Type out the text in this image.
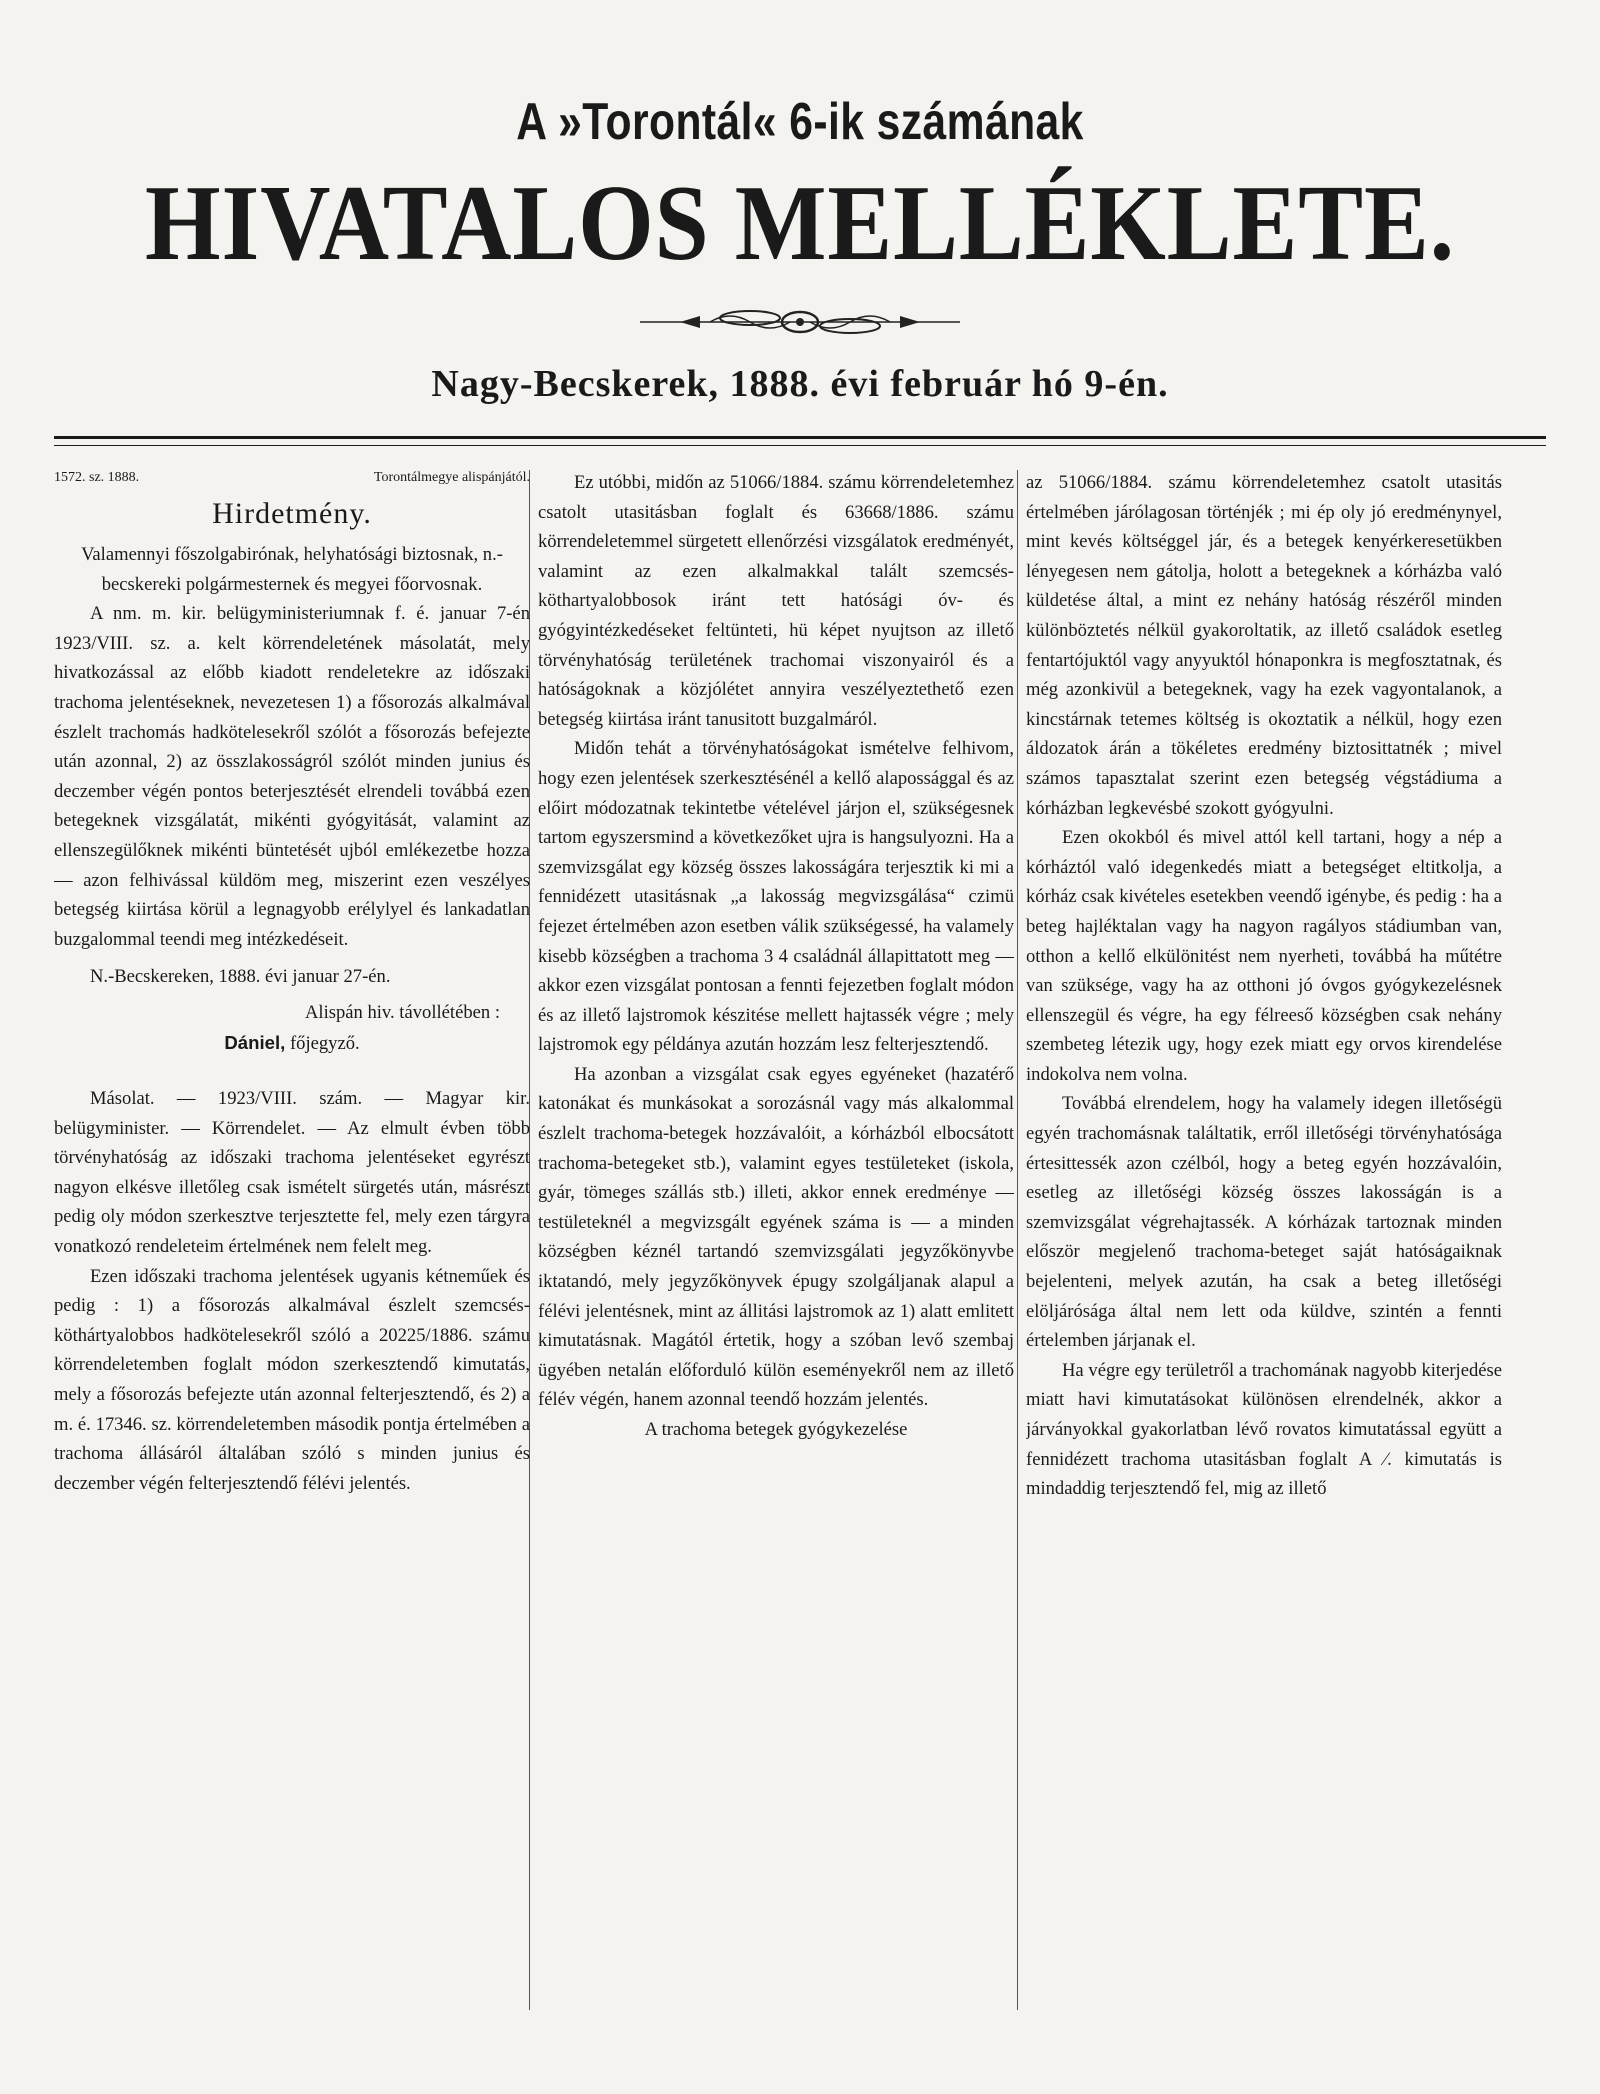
A »Torontál« 6-ik számának
HIVATALOS MELLÉKLETE.
Nagy-Becskerek, 1888. évi február hó 9-én.
1572. sz. 1888.	Torontálmegye alispánjától.
Hirdetmény.

Valamennyi főszolgabirónak, helyhatósági biztosnak, n.-becskereki polgármesternek és megyei főorvosnak.

A nm. m. kir. belügyministeriumnak f. é. januar 7-én 1923/VIII. sz. a. kelt körrendeletének másolatát, mely hivatkozással az előbb kiadott rendeletekre az időszaki trachoma jelentéseknek, nevezetesen 1) a fősorozás alkalmával észlelt trachomás hadkötelesekről szólót a fősorozás befejezte után azonnal, 2) az összlakosságról szólót minden junius és deczember végén pontos beterjesztését elrendeli továbbá ezen betegeknek vizsgálatát, mikénti gyógyitását, valamint az ellenszegülőknek mikénti büntetését ujból emlékezetbe hozza — azon felhivással küldöm meg, miszerint ezen veszélyes betegség kiirtása körül a legnagyobb erélylyel és lankadatlan buzgalommal teendi meg intézkedéseit.

N.-Becskereken, 1888. évi januar 27-én.

Alispán hiv. távollétében :

Dániel, főjegyző.

Másolat. — 1923/VIII. szám. — Magyar kir. belügyminister. — Körrendelet. — Az elmult évben több törvényhatóság az időszaki trachoma jelentéseket egyrészt nagyon elkésve illetőleg csak ismételt sürgetés után, másrészt pedig oly módon szerkesztve terjesztette fel, mely ezen tárgyra vonatkozó rendeleteim értelmének nem felelt meg.

Ezen időszaki trachoma jelentések ugyanis kétneműek és pedig : 1) a fősorozás alkalmával észlelt szemcsés-köthártyalobbos hadkötelesekről szóló a 20225/1886. számu körrendeletemben foglalt módon szerkesztendő kimutatás, mely a fősorozás befejezte után azonnal felterjesztendő, és 2) a m. é. 17346. sz. körrendeletemben második pontja értelmében a trachoma állásáról általában szóló s minden junius és deczember végén felterjesztendő félévi jelentés.

Ez utóbbi, midőn az 51066/1884. számu körrendeletemhez csatolt utasitásban foglalt és 63668/1886. számu körrendeletemmel sürgetett ellenőrzési vizsgálatok eredményét, valamint az ezen alkalmakkal talált szemcsés-köthartyalobbosok iránt tett hatósági óv- és gyógyintézkedéseket feltünteti, hü képet nyujtson az illető törvényhatóság területének trachomai viszonyairól és a hatóságoknak a közjólétet annyira veszélyeztethető ezen betegség kiirtása iránt tanusitott buzgalmáról.

Midőn tehát a törvényhatóságokat ismételve felhivom, hogy ezen jelentések szerkesztésénél a kellő alapossággal és az előirt módozatnak tekintetbe vételével járjon el, szükségesnek tartom egyszersmind a következőket ujra is hangsulyozni. Ha a szemvizsgálat egy község összes lakosságára terjesztik ki mi a fennidézett utasitásnak „a lakosság megvizsgálása“ czimü fejezet értelmében azon esetben válik szükségessé, ha valamely kisebb községben a trachoma 3 4 családnál állapittatott meg — akkor ezen vizsgálat pontosan a fennti fejezetben foglalt módon és az illető lajstromok készitése mellett hajtassék végre ; mely lajstromok egy példánya azután hozzám lesz felterjesztendő.

Ha azonban a vizsgálat csak egyes egyéneket (hazatérő katonákat és munkásokat a sorozásnál vagy más alkalommal észlelt trachoma-betegek hozzávalóit, a kórházból elbocsátott trachoma-betegeket stb.), valamint egyes testületeket (iskola, gyár, tömeges szállás stb.) illeti, akkor ennek eredménye — testületeknél a megvizsgált egyének száma is — a minden községben kéznél tartandó szemvizsgálati jegyzőkönyvbe iktatandó, mely jegyzőkönyvek épugy szolgáljanak alapul a félévi jelentésnek, mint az állitási lajstromok az 1) alatt emlitett kimutatásnak. Magától értetik, hogy a szóban levő szembaj ügyében netalán előforduló külön eseményekről nem az illető félév végén, hanem azonnal teendő hozzám jelentés.

A trachoma betegek gyógykezelése

az 51066/1884. számu körrendeletemhez csatolt utasitás értelmében járólagosan történjék ; mi ép oly jó eredménynyel, mint kevés költséggel jár, és a betegek kenyérkeresetükben lényegesen nem gátolja, holott a betegeknek a kórházba való küldetése által, a mint ez nehány hatóság részéről minden különböztetés nélkül gyakoroltatik, az illető családok esetleg fentartójuktól vagy anyyuktól hónaponkra is megfosztatnak, és még azonkivül a betegeknek, vagy ha ezek vagyontalanok, a kincstárnak tetemes költség is okoztatik a nélkül, hogy ezen áldozatok árán a tökéletes eredmény biztosittatnék ; mivel számos tapasztalat szerint ezen betegség végstádiuma a kórházban legkevésbé szokott gyógyulni.

Ezen okokból és mivel attól kell tartani, hogy a nép a kórháztól való idegenkedés miatt a betegséget eltitkolja, a kórház csak kivételes esetekben veendő igénybe, és pedig : ha a beteg hajléktalan vagy ha nagyon ragályos stádiumban van, otthon a kellő elkülönitést nem nyerheti, továbbá ha műtétre van szüksége, vagy ha az otthoni jó óvgos gyógykezelésnek ellenszegül és végre, ha egy félreeső községben csak nehány szembeteg létezik ugy, hogy ezek miatt egy orvos kirendelése indokolva nem volna.

Továbbá elrendelem, hogy ha valamely idegen illetőségü egyén trachomásnak találtatik, erről illetőségi törvényhatósága értesittessék azon czélból, hogy a beteg egyén hozzávalóin, esetleg az illetőségi község összes lakosságán is a szemvizsgálat végrehajtassék. A kórházak tartoznak minden először megjelenő trachoma-beteget saját hatóságaiknak bejelenteni, melyek azután, ha csak a beteg illetőségi elöljárósága által nem lett oda küldve, szintén a fennti értelemben járjanak el.

Ha végre egy területről a trachomának nagyobb kiterjedése miatt havi kimutatásokat különösen elrendelnék, akkor a járványokkal gyakorlatban lévő rovatos kimutatással együtt a fennidézett trachoma utasitásban foglalt A ⁄. kimutatás is mindaddig terjesztendő fel, mig az illető
